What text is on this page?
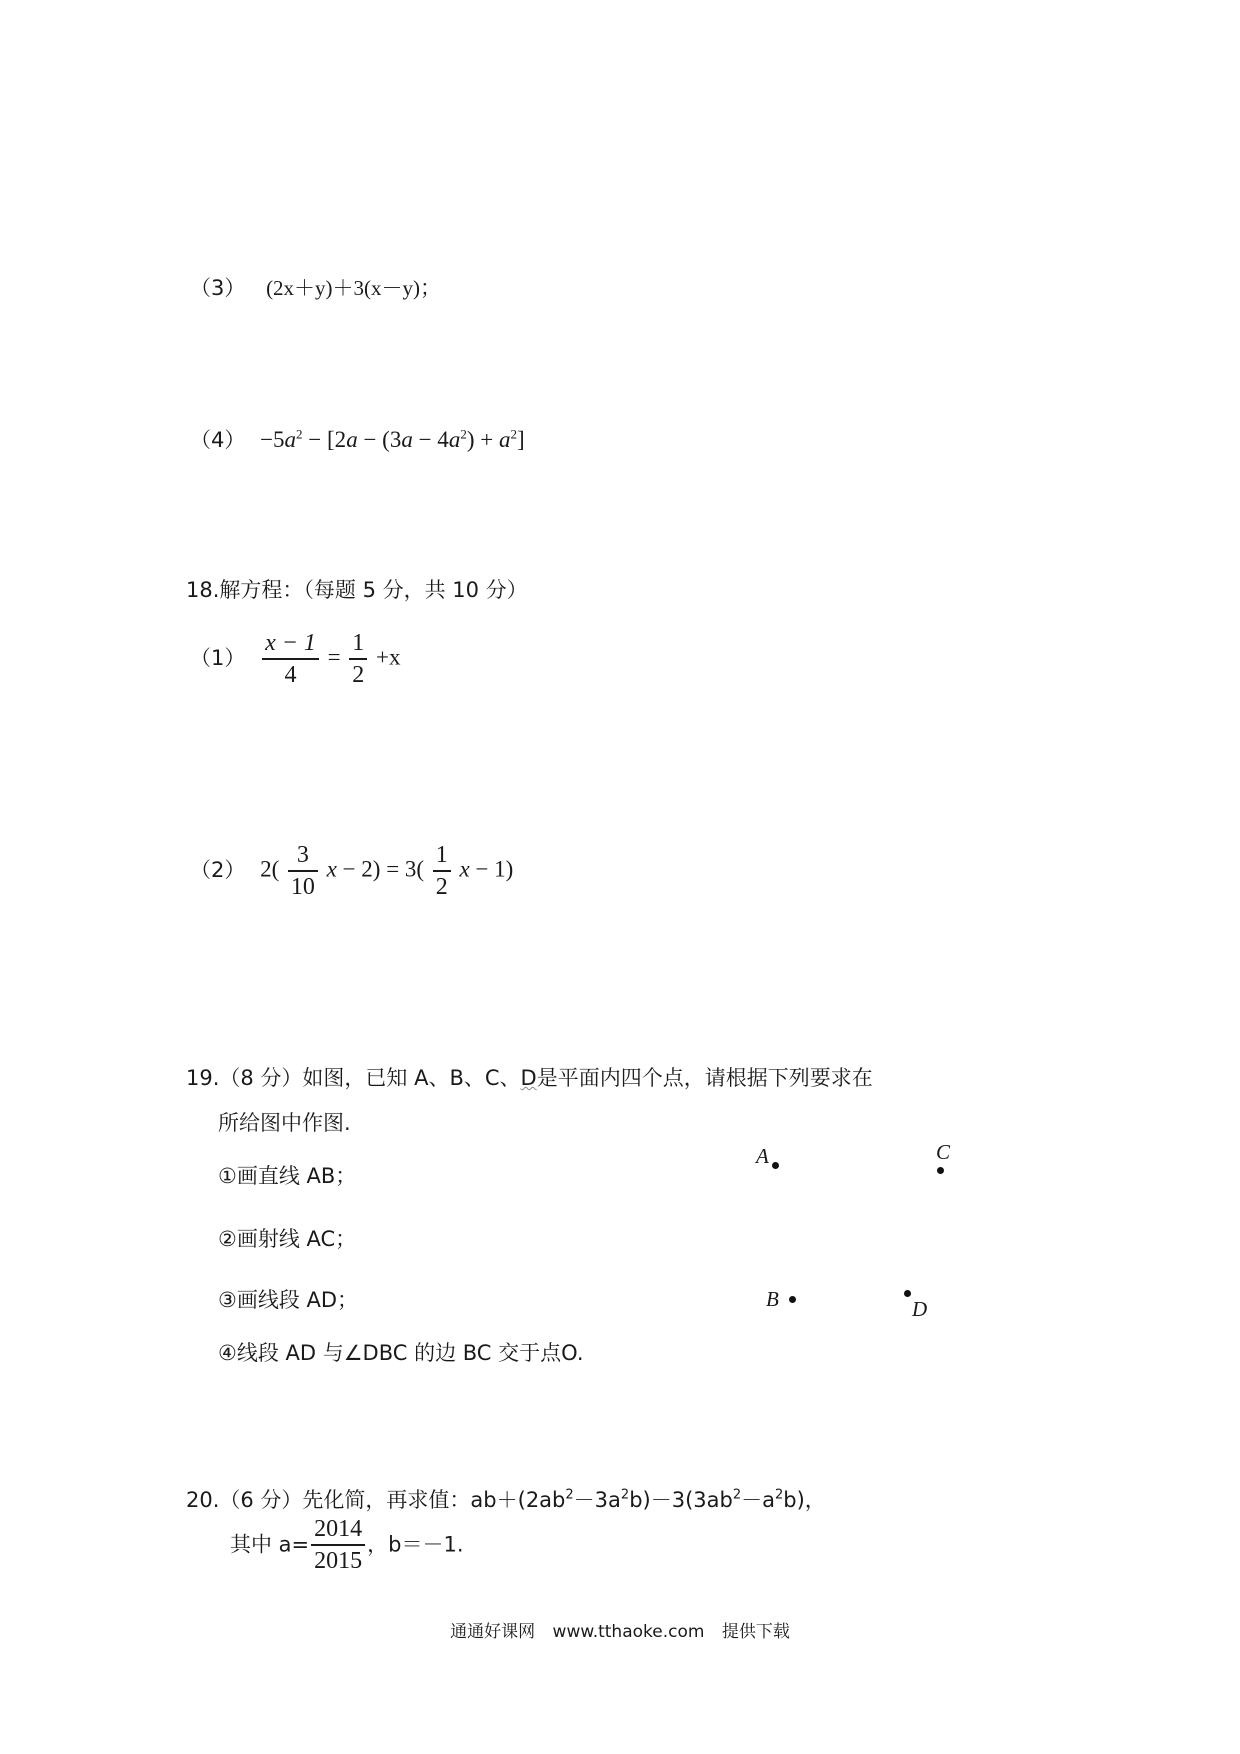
（3） (2x＋y)＋3(x－y)；
$(4) -5a^2 - [2a - (3a - 4a^2) + a^2]$
18.解方程：（每题 5 分，共 10 分）
$(1) \frac{x - 1}{4} = \frac{1}{2} +x$
（2） $2( \frac{3}{10}$ $x - 2) = 3( \frac{1}{2}$ x − 1)
19.（8 分）如图，已知 A、B、C、D是平面内四个点，请根据下列要求在
所给图中作图.
①画直线 AB；
②画射线 AC；
③画线段 AD；
④线段 AD 与∠DBC 的边 BC 交于点O.
A	C
B	D
20.（6 分）先化简，再求值：$ab+(2ab^2-3a^2b)-3(3ab^2-a^2b)$，
其中 $a= \frac{2014}{2015}$ ，b＝－1.
通通好课网 www.tthaoke.com 提供下载
